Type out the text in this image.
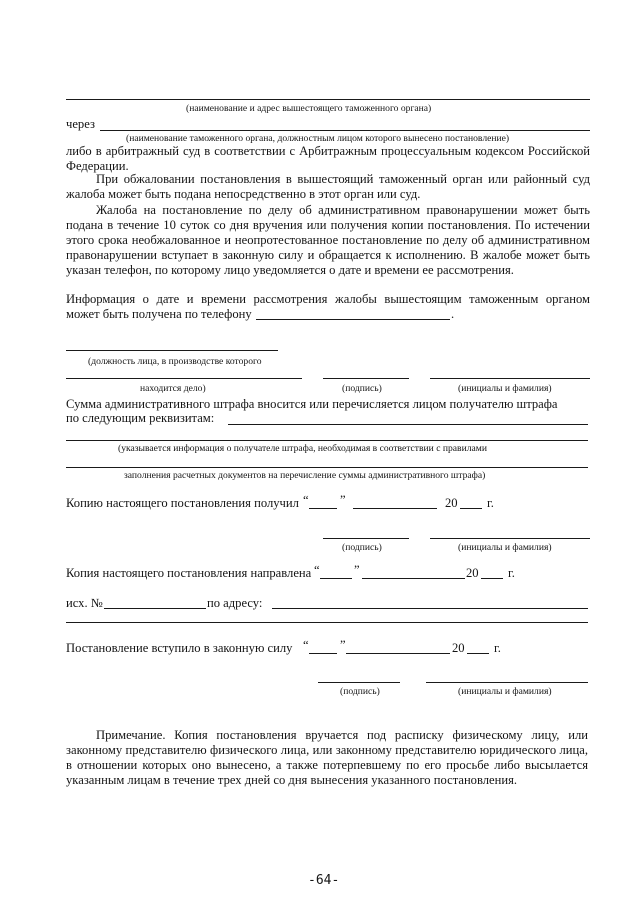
(наименование и адрес вышестоящего таможенного органа)
через
(наименование таможенного органа, должностным лицом которого вынесено постановление)
либо в арбитражный суд в соответствии с Арбитражным процессуальным кодексом Российской Федерации.
При обжаловании постановления в вышестоящий таможенный орган или районный суд жалоба может быть подана непосредственно в этот орган или суд.
Жалоба на постановление по делу об административном правонарушении может быть подана в течение 10 суток со дня вручения или получения копии постановления. По истечении этого срока необжалованное и неопротестованное постановление по делу об административном правонарушении вступает в законную силу и обращается к исполнению. В жалобе может быть указан телефон, по которому лицо уведомляется о дате и времени ее рассмотрения.
Информация о дате и времени рассмотрения жалобы вышестоящим таможенным органом
может быть получена по телефону	.
(должность лица, в производстве которого
находится дело)	(подпись)	(инициалы и фамилия)
Сумма административного штрафа вносится или перечисляется лицом получателю штрафа
по следующим реквизитам:
(указывается информация о получателе штрафа, необходимая в соответствии с правилами
заполнения расчетных документов на перечисление суммы административного штрафа)
Копию настоящего постановления получил “ ”	20 г.
(подпись)	(инициалы и фамилия)
Копия настоящего постановления направлена “	”	20 г.
исх. №	по адресу:
Постановление вступило в законную силу “ ”	20 г.
(подпись)	(инициалы и фамилия)
Примечание. Копия постановления вручается под расписку физическому лицу, или законному представителю физического лица, или законному представителю юридического лица, в отношении которых оно вынесено, а также потерпевшему по его просьбе либо высылается указанным лицам в течение трех дней со дня вынесения указанного постановления.
-64-
